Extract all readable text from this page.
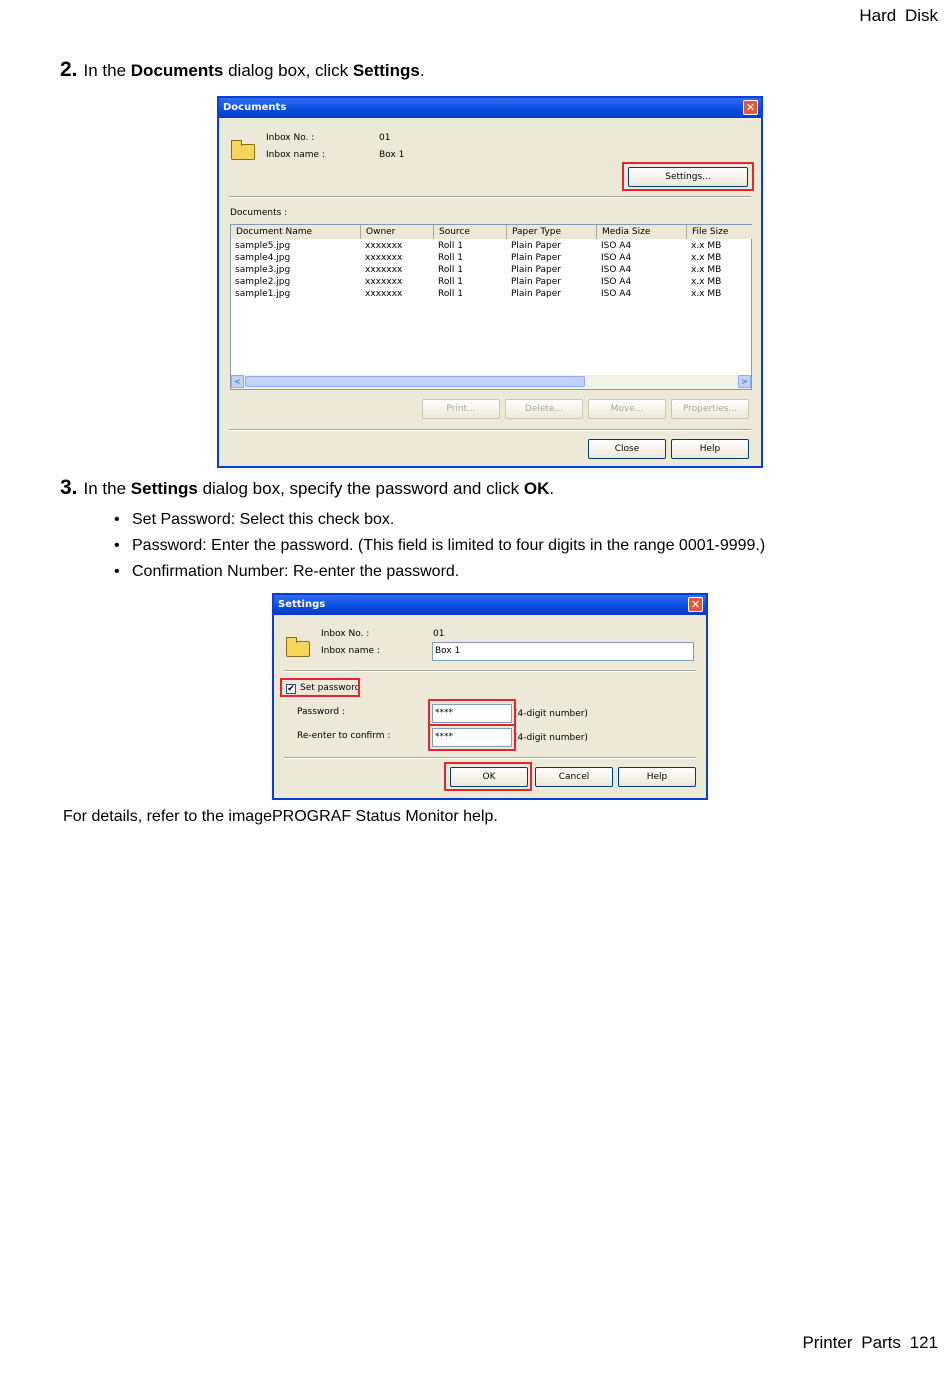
Hard Disk
2. In the Documents dialog box, click Settings.
Documents	✕
Inbox No. :	01
Inbox name :	Box 1
Settings...
Documents :
Document Name	Owner	Source	Paper Type	Media Size	File Size
sample5.jpg	xxxxxxx	Roll 1	Plain Paper	ISO A4	x.x MB
sample4.jpg	xxxxxxx	Roll 1	Plain Paper	ISO A4	x.x MB
sample3.jpg	xxxxxxx	Roll 1	Plain Paper	ISO A4	x.x MB
sample2.jpg	xxxxxxx	Roll 1	Plain Paper	ISO A4	x.x MB
sample1.jpg	xxxxxxx	Roll 1	Plain Paper	ISO A4	x.x MB
<	>
Print...	Delete...	Move...	Properties...
Close	Help
3. In the Settings dialog box, specify the password and click OK.
• Set Password: Select this check box.
• Password: Enter the password. (This field is limited to four digits in the range 0001-9999.)
• Confirmation Number: Re-enter the password.
Settings	✕
Inbox No. :	01
Inbox name :	Box 1
✔ Set password
Password :	****	(4-digit number)
Re-enter to confirm :	****	(4-digit number)
OK	Cancel	Help
For details, refer to the imagePROGRAF Status Monitor help.
Printer Parts 121
